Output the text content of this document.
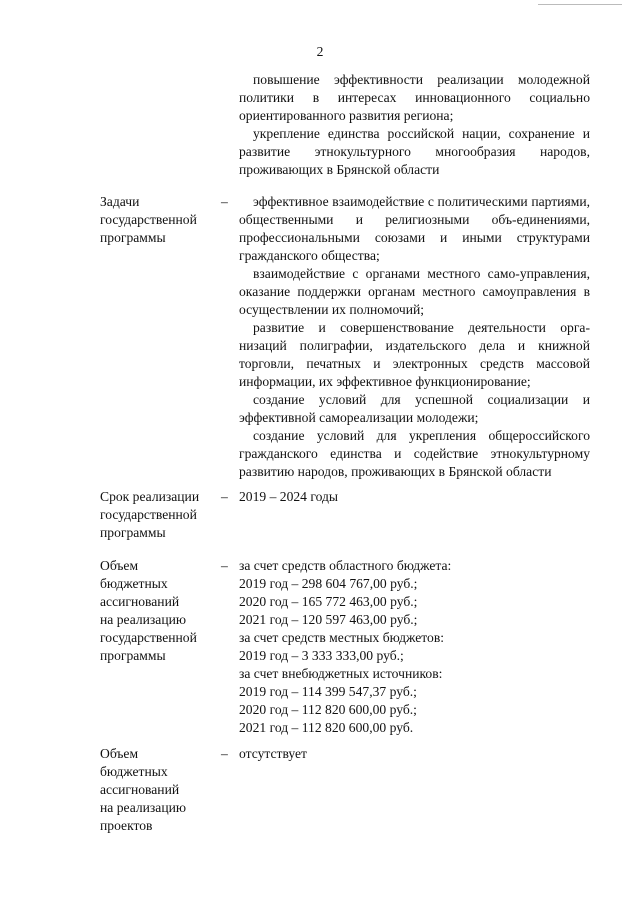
2

повышение эффективности реализации молодежной политики в интересах инновационного социально ориентированного развития региона;

укрепление единства российской нации, сохранение и развитие этнокультурного многообразия народов, проживающих в Брянской области

Задачи
государственной
программы
–	эффективное взаимодействие с политическими партиями, общественными и религиозными объ-единениями, профессиональными союзами и иными структурами гражданского общества;

взаимодействие с органами местного само-управления, оказание поддержки органам местного самоуправления в осуществлении их полномочий;

развитие и совершенствование деятельности орга-низаций полиграфии, издательского дела и книжной торговли, печатных и электронных средств массовой информации, их эффективное функционирование;

создание условий для успешной социализации и эффективной самореализации молодежи;

создание условий для укрепления общероссийского гражданского единства и содействие этнокультурному развитию народов, проживающих в Брянской области

Срок реализации
государственной
программы
– 2019 – 2024 годы
Объем
бюджетных
ассигнований
на реализацию
государственной
программы
– за счет средств областного бюджета:
2019 год – 298 604 767,00 руб.;
2020 год – 165 772 463,00 руб.;
2021 год – 120 597 463,00 руб.;
за счет средств местных бюджетов:
2019 год – 3 333 333,00 руб.;
за счет внебюджетных источников:
2019 год – 114 399 547,37 руб.;
2020 год – 112 820 600,00 руб.;
2021 год – 112 820 600,00 руб.
Объем
бюджетных
ассигнований
на реализацию
проектов
– отсутствует
